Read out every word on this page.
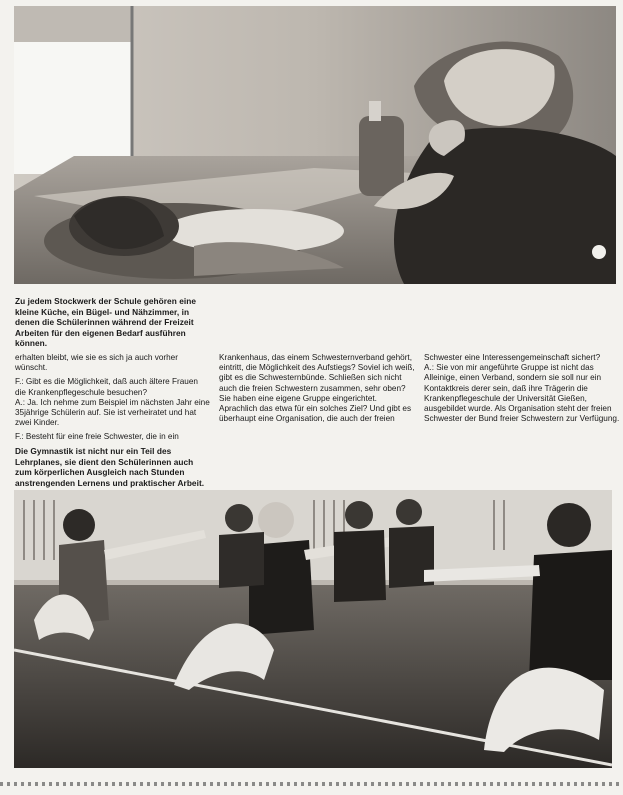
Zu jedem Stockwerk der Schule gehören eine kleine Küche, ein Bügel- und Nähzimmer, in denen die Schülerinnen während der Freizeit Arbeiten für den eigenen Bedarf ausführen können.

erhalten bleibt, wie sie es sich ja auch vorher wünscht.

F.: Gibt es die Möglichkeit, daß auch ältere Frauen die Krankenpflegeschule besuchen?
A.: Ja. Ich nehme zum Beispiel im nächsten Jahr eine 35jährige Schülerin auf. Sie ist verheiratet und hat zwei Kinder.

F.: Besteht für eine freie Schwester, die in ein

Krankenhaus, das einem Schwesternverband gehört, eintritt, die Möglichkeit des Aufstiegs? Soviel ich weiß, gibt es die Schwesternbünde. Schließen sich nicht auch die freien Schwestern zusammen, sehr oben?
Sie haben eine eigene Gruppe eingerichtet. Aprachlich das etwa für ein solches Ziel? Und gibt es überhaupt eine Organisation, die auch der freien

Schwester eine Interessengemeinschaft sichert?
A.: Sie von mir angeführte Gruppe ist nicht das Alleinige, einen Verband, sondern sie soll nur ein Kontaktkreis derer sein, daß ihre Trägerin die Krankenpflegeschule der Universität Gießen, ausgebildet wurde. Als Organisation steht der freien Schwester der Bund freier Schwestern zur Verfügung.

Die Gymnastik ist nicht nur ein Teil des Lehrplanes, sie dient den Schülerinnen auch zum körperlichen Ausgleich nach Stunden anstrengenden Lernens und praktischer Arbeit.
